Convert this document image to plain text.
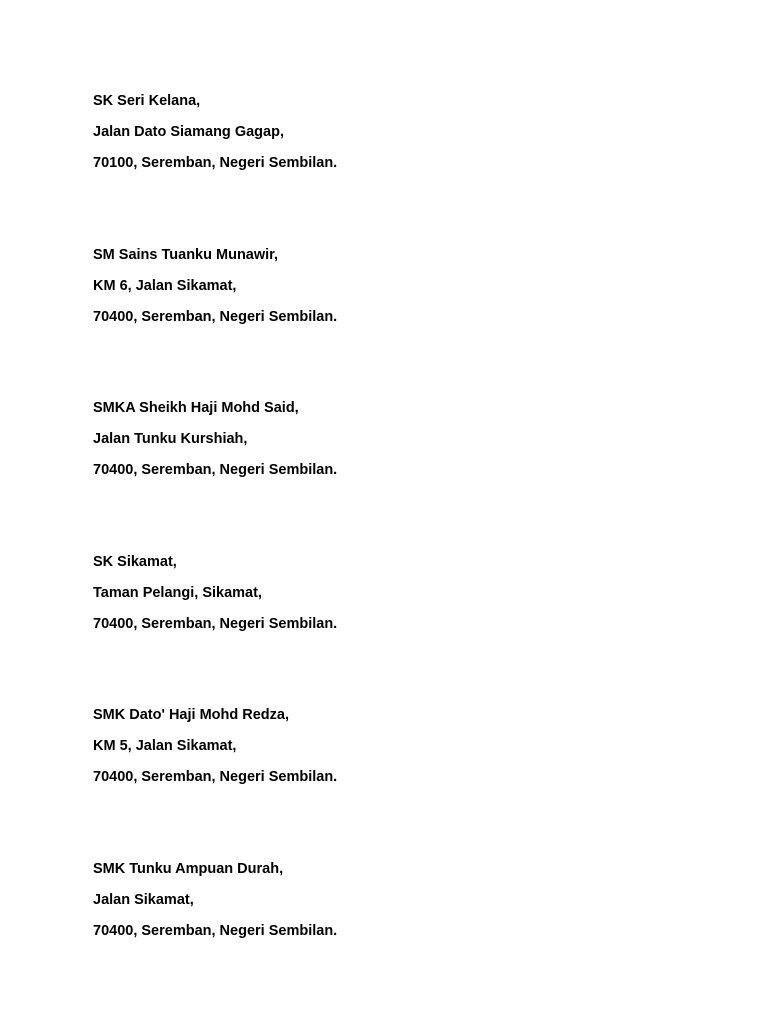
SK Seri Kelana,
Jalan Dato Siamang Gagap,
70100, Seremban, Negeri Sembilan.
SM Sains Tuanku Munawir,
KM 6, Jalan Sikamat,
70400, Seremban, Negeri Sembilan.
SMKA Sheikh Haji Mohd Said,
Jalan Tunku Kurshiah,
70400, Seremban, Negeri Sembilan.
SK Sikamat,
Taman Pelangi, Sikamat,
70400, Seremban, Negeri Sembilan.
SMK Dato' Haji Mohd Redza,
KM 5, Jalan Sikamat,
70400, Seremban, Negeri Sembilan.
SMK Tunku Ampuan Durah,
Jalan Sikamat,
70400, Seremban, Negeri Sembilan.
